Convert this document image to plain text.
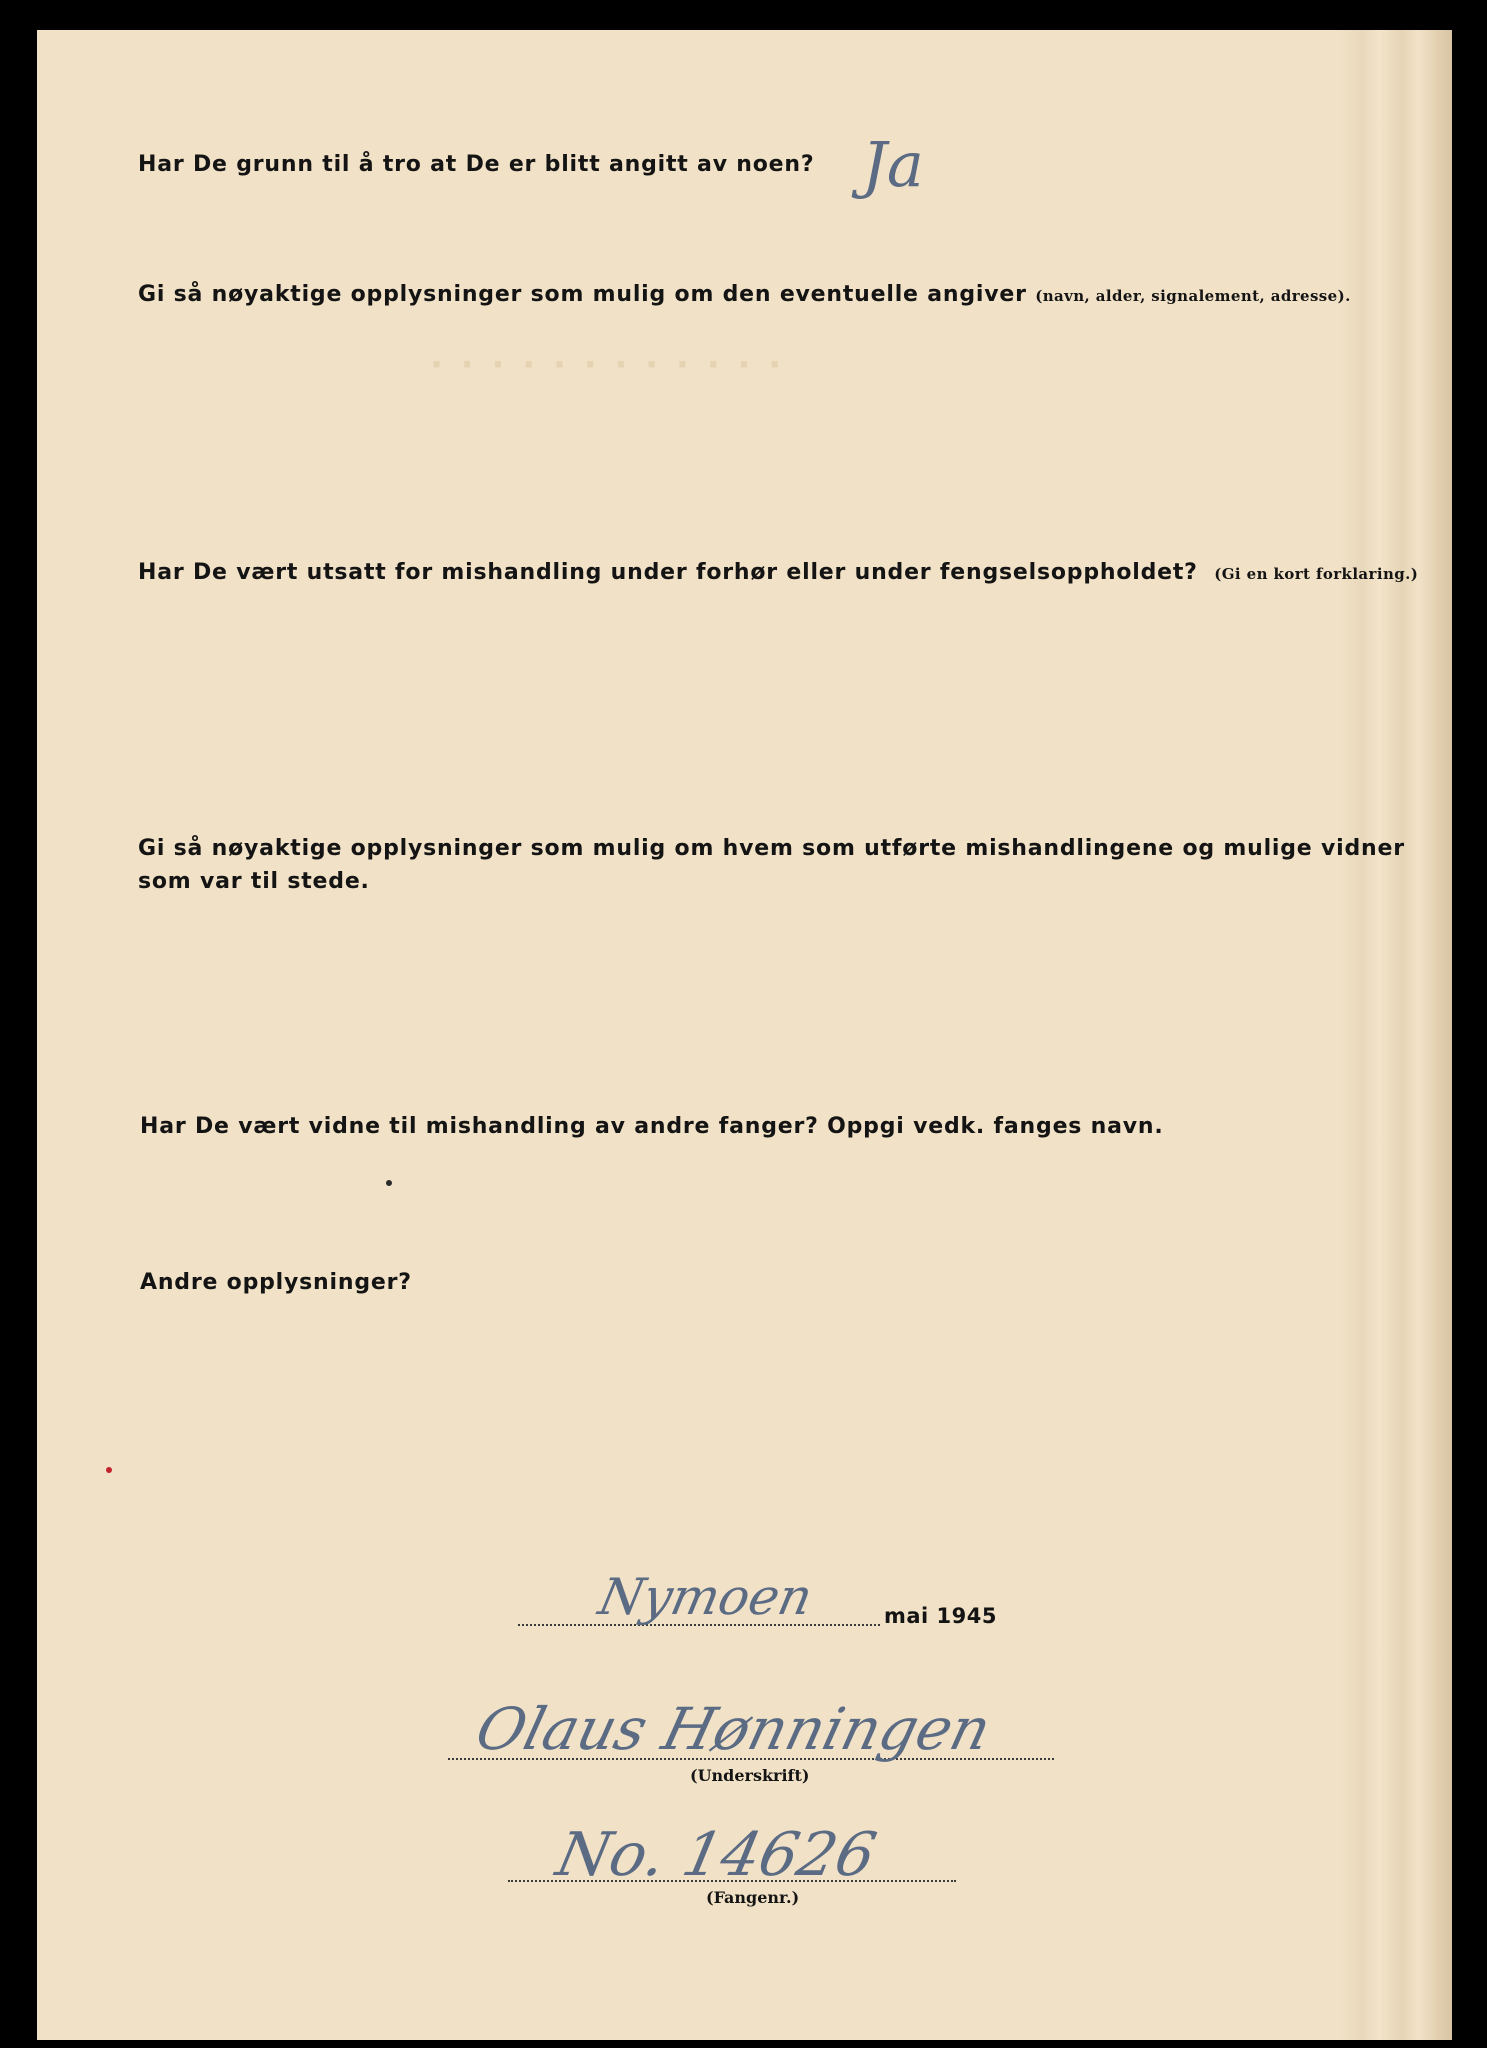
· · · · · · · · · · · ·
Har De grunn til å tro at De er blitt angitt av noen? Ja
Gi så nøyaktige opplysninger som mulig om den eventuelle angiver (navn, alder, signalement, adresse).
Har De vært utsatt for mishandling under forhør eller under fengselsoppholdet? (Gi en kort forklaring.)
Gi så nøyaktige opplysninger som mulig om hvem som utførte mishandlingene og mulige vidner
som var til stede.
Har De vært vidne til mishandling av andre fanger? Oppgi vedk. fanges navn.
Andre opplysninger?
Nymoen	mai 1945
Olaus Hønningen
(Underskrift)
No. 14626
(Fangenr.)
